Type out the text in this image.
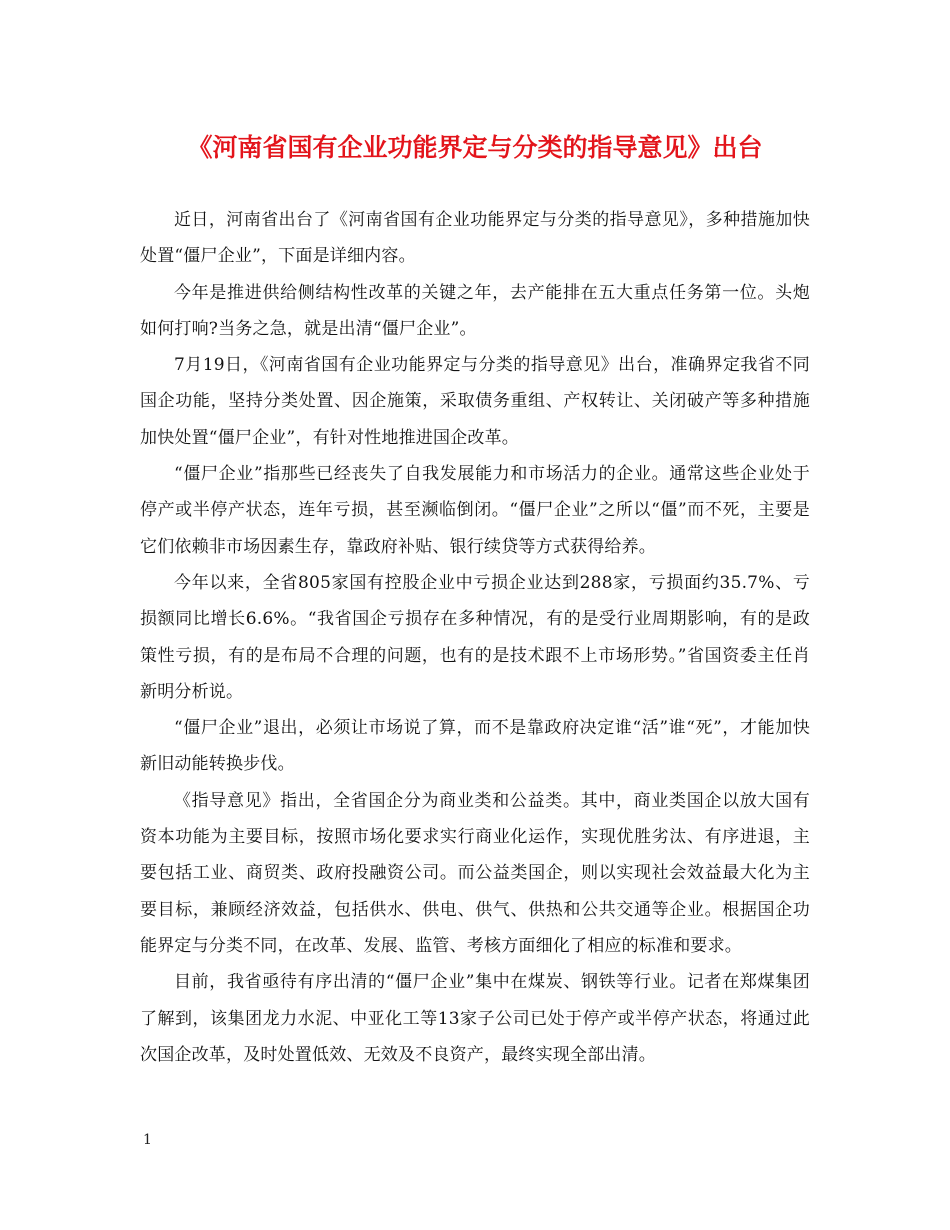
《河南省国有企业功能界定与分类的指导意见》出台

近日，河南省出台了《河南省国有企业功能界定与分类的指导意见》，多种措施加快处置“僵尸企业”，下面是详细内容。

今年是推进供给侧结构性改革的关键之年，去产能排在五大重点任务第一位。头炮如何打响?当务之急，就是出清“僵尸企业”。

7月19日，《河南省国有企业功能界定与分类的指导意见》出台，准确界定我省不同国企功能，坚持分类处置、因企施策，采取债务重组、产权转让、关闭破产等多种措施加快处置“僵尸企业”，有针对性地推进国企改革。

“僵尸企业”指那些已经丧失了自我发展能力和市场活力的企业。通常这些企业处于停产或半停产状态，连年亏损，甚至濒临倒闭。“僵尸企业”之所以“僵”而不死，主要是它们依赖非市场因素生存，靠政府补贴、银行续贷等方式获得给养。

今年以来，全省805家国有控股企业中亏损企业达到288家，亏损面约35.7%、亏损额同比增长6.6%。“我省国企亏损存在多种情况，有的是受行业周期影响，有的是政策性亏损，有的是布局不合理的问题，也有的是技术跟不上市场形势。”省国资委主任肖新明分析说。

“僵尸企业”退出，必须让市场说了算，而不是靠政府决定谁“活”谁“死”，才能加快新旧动能转换步伐。

《指导意见》指出，全省国企分为商业类和公益类。其中，商业类国企以放大国有资本功能为主要目标，按照市场化要求实行商业化运作，实现优胜劣汰、有序进退，主要包括工业、商贸类、政府投融资公司。而公益类国企，则以实现社会效益最大化为主要目标，兼顾经济效益，包括供水、供电、供气、供热和公共交通等企业。根据国企功能界定与分类不同，在改革、发展、监管、考核方面细化了相应的标准和要求。

目前，我省亟待有序出清的“僵尸企业”集中在煤炭、钢铁等行业。记者在郑煤集团了解到，该集团龙力水泥、中亚化工等13家子公司已处于停产或半停产状态，将通过此次国企改革，及时处置低效、无效及不良资产，最终实现全部出清。

1
